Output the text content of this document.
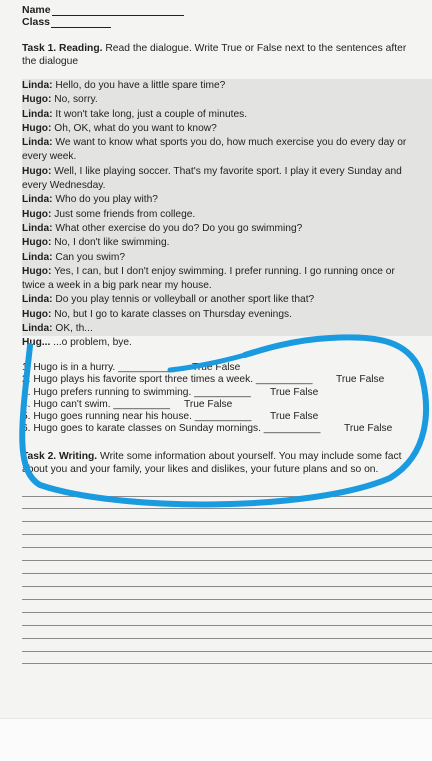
Name
Class
Task 1. Reading. Read the dialogue. Write True or False next to the sentences after
the dialogue
Linda: Hello, do you have a little spare time?
Hugo: No, sorry.
Linda: It won't take long, just a couple of minutes.
Hugo: Oh, OK, what do you want to know?
Linda: We want to know what sports you do, how much exercise you do every day or
every week.
Hugo: Well, I like playing soccer. That's my favorite sport. I play it every Sunday and
every Wednesday.
Linda: Who do you play with?
Hugo: Just some friends from college.
Linda: What other exercise do you do? Do you go swimming?
Hugo: No, I don't like swimming.
Linda: Can you swim?
Hugo: Yes, I can, but I don't enjoy swimming. I prefer running. I go running once or
twice a week in a big park near my house.
Linda: Do you play tennis or volleyball or another sport like that?
Hugo: No, but I go to karate classes on Thursday evenings.
Linda: OK, th...
Hug... ...o problem, bye.
1. Hugo is in a hurry. __________ True False
2. Hugo plays his favorite sport three times a week. __________ True False
3. Hugo prefers running to swimming. __________ True False
4. Hugo can't swim. __________ True False
5. Hugo goes running near his house. __________ True False
6. Hugo goes to karate classes on Sunday mornings. __________ True False
Task 2. Writing. Write some information about yourself. You may include some fact
about you and your family, your likes and dislikes, your future plans and so on.
